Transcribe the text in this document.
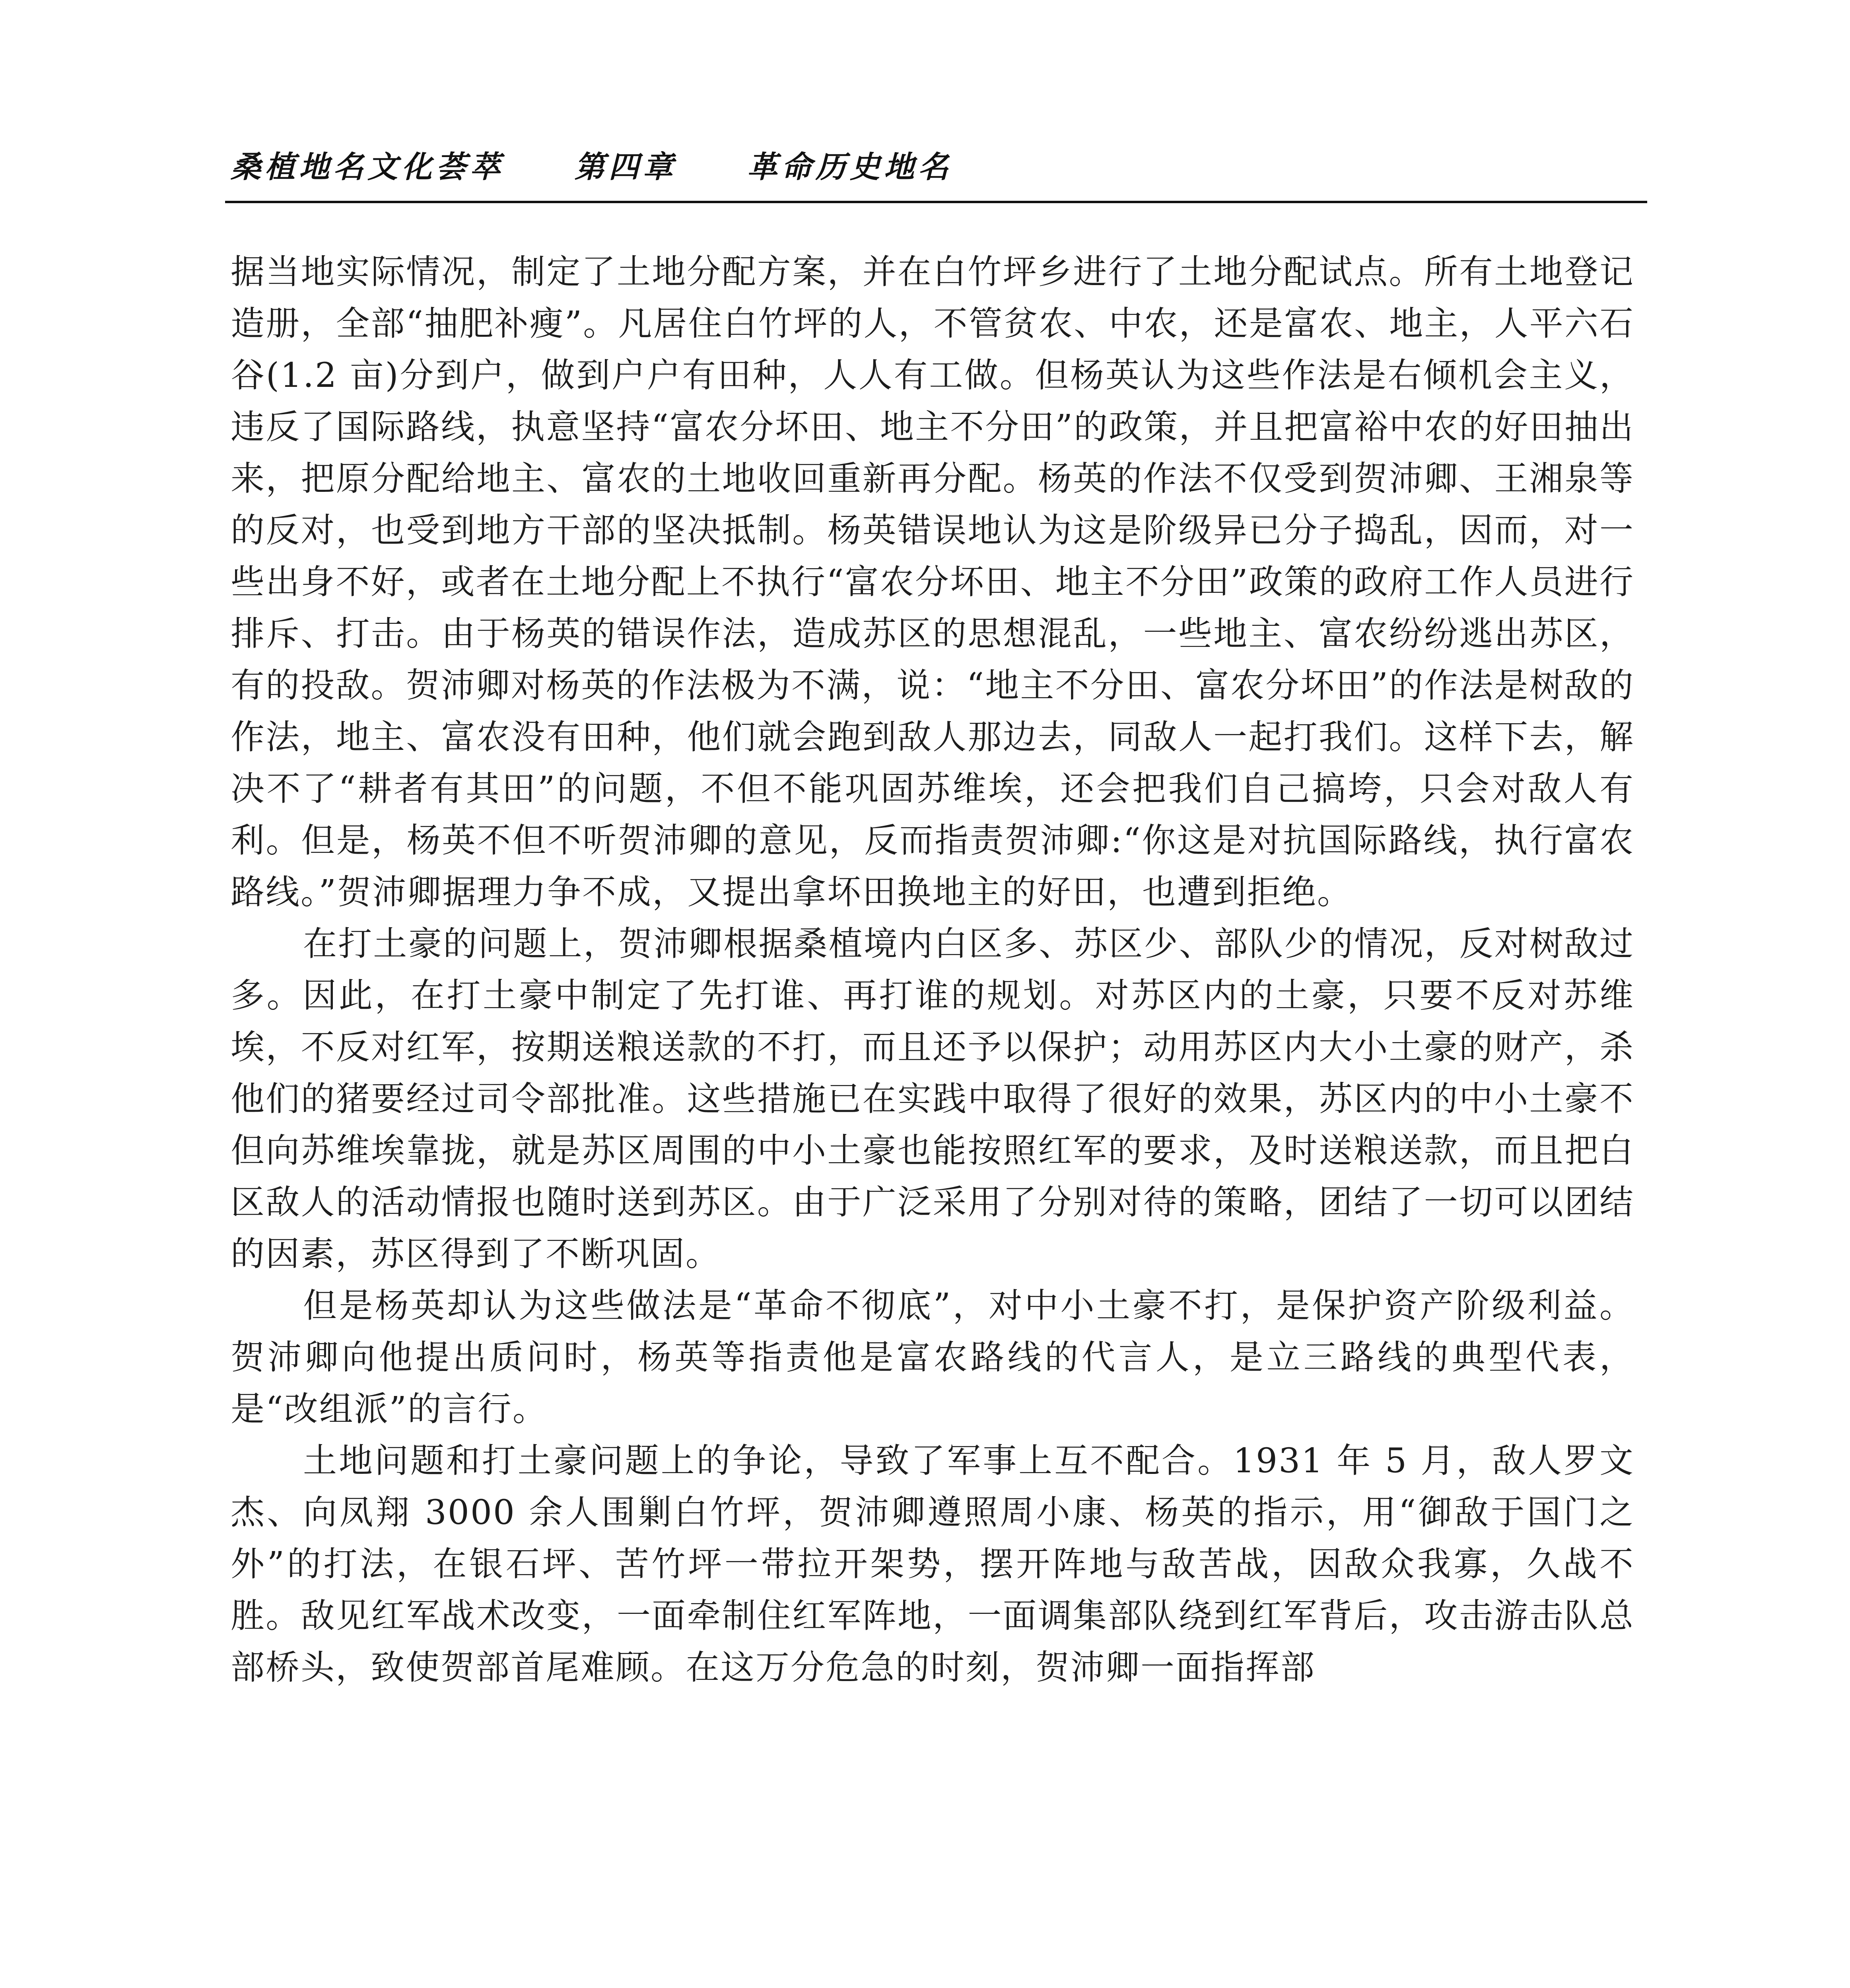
桑植地名文化荟萃 第四章 革命历史地名

据当地实际情况，制定了土地分配方案，并在白竹坪乡进行了土地分配试点。所有土地登记造册，全部“抽肥补瘦”。凡居住白竹坪的人，不管贫农、中农，还是富农、地主，人平六石谷(1.2 亩)分到户，做到户户有田种，人人有工做。但杨英认为这些作法是右倾机会主义，违反了国际路线，执意坚持“富农分坏田、地主不分田”的政策，并且把富裕中农的好田抽出来，把原分配给地主、富农的土地收回重新再分配。杨英的作法不仅受到贺沛卿、王湘泉等的反对，也受到地方干部的坚决抵制。杨英错误地认为这是阶级异已分子捣乱，因而，对一些出身不好，或者在土地分配上不执行“富农分坏田、地主不分田”政策的政府工作人员进行排斥、打击。由于杨英的错误作法，造成苏区的思想混乱，一些地主、富农纷纷逃出苏区，有的投敌。贺沛卿对杨英的作法极为不满，说：“地主不分田、富农分坏田”的作法是树敌的作法，地主、富农没有田种，他们就会跑到敌人那边去，同敌人一起打我们。这样下去，解决不了“耕者有其田”的问题，不但不能巩固苏维埃，还会把我们自己搞垮，只会对敌人有利。但是，杨英不但不听贺沛卿的意见，反而指责贺沛卿:“你这是对抗国际路线，执行富农路线。”贺沛卿据理力争不成，又提出拿坏田换地主的好田，也遭到拒绝。

在打土豪的问题上，贺沛卿根据桑植境内白区多、苏区少、部队少的情况，反对树敌过多。因此，在打土豪中制定了先打谁、再打谁的规划。对苏区内的土豪，只要不反对苏维埃，不反对红军，按期送粮送款的不打，而且还予以保护；动用苏区内大小土豪的财产，杀他们的猪要经过司令部批准。这些措施已在实践中取得了很好的效果，苏区内的中小土豪不但向苏维埃靠拢，就是苏区周围的中小土豪也能按照红军的要求，及时送粮送款，而且把白区敌人的活动情报也随时送到苏区。由于广泛采用了分别对待的策略，团结了一切可以团结的因素，苏区得到了不断巩固。

但是杨英却认为这些做法是“革命不彻底”，对中小土豪不打，是保护资产阶级利益。贺沛卿向他提出质问时，杨英等指责他是富农路线的代言人，是立三路线的典型代表，是“改组派”的言行。

土地问题和打土豪问题上的争论，导致了军事上互不配合。1931 年 5 月，敌人罗文杰、向凤翔 3000 余人围剿白竹坪，贺沛卿遵照周小康、杨英的指示，用“御敌于国门之外”的打法，在银石坪、苦竹坪一带拉开架势，摆开阵地与敌苦战，因敌众我寡，久战不胜。敌见红军战术改变，一面牵制住红军阵地，一面调集部队绕到红军背后，攻击游击队总部桥头，致使贺部首尾难顾。在这万分危急的时刻，贺沛卿一面指挥部
